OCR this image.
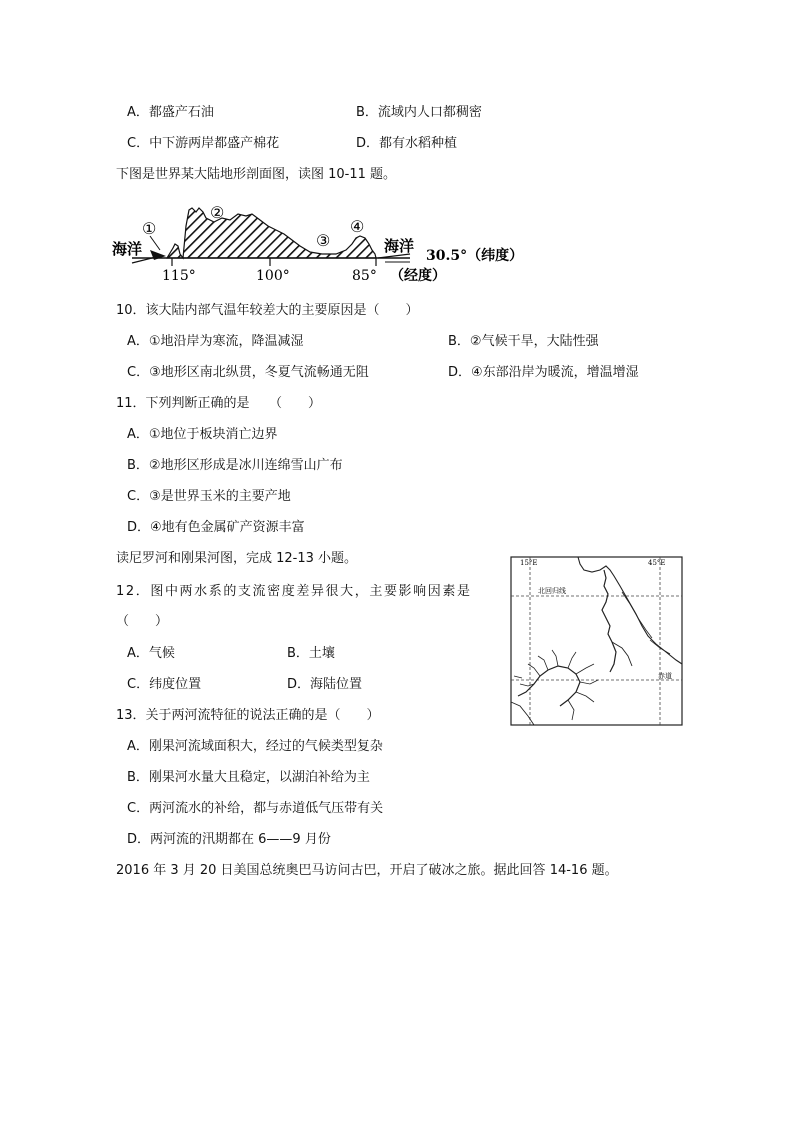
A．都盛产石油	B．流域内人口都稠密
C．中下游两岸都盛产棉花	D．都有水稻种植
下图是世界某大陆地形剖面图，读图 10-11 题。
①
②
③
④
海洋	海洋
115°	100°	85°
30.5°（纬度）
（经度）
10．该大陆内部气温年较差大的主要原因是（　　）
A．①地沿岸为寒流，降温减湿	B．②气候干旱，大陆性强
C．③地形区南北纵贯，冬夏气流畅通无阻	D．④东部沿岸为暖流，增温增湿
11．下列判断正确的是　　（　　）
A．①地位于板块消亡边界
B．②地形区形成是冰川连绵雪山广布
C．③是世界玉米的主要产地
D．④地有色金属矿产资源丰富
读尼罗河和刚果河图，完成 12-13 小题。	15°E	45°E
北回归线
赤道
12．图中两水系的支流密度差异很大，主要影响因素是
（　　）
A．气候	B．土壤
C．纬度位置	D．海陆位置
13．关于两河流特征的说法正确的是（　　）
A．刚果河流域面积大，经过的气候类型复杂
B．刚果河水量大且稳定，以湖泊补给为主
C．两河流水的补给，都与赤道低气压带有关
D．两河流的汛期都在 6——9 月份
2016 年 3 月 20 日美国总统奥巴马访问古巴，开启了破冰之旅。据此回答 14-16 题。
